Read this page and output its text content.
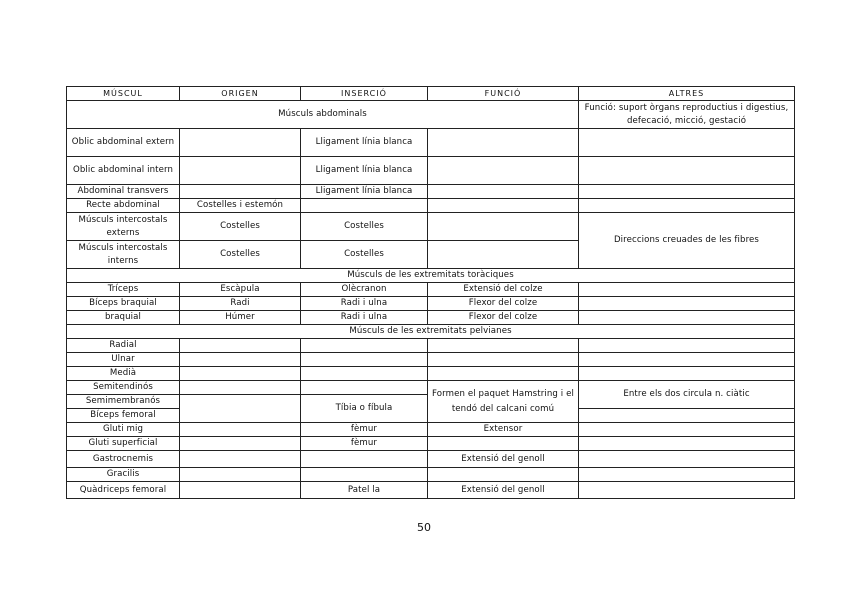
MÚSCUL	ORIGEN	INSERCIÓ	FUNCIÓ	ALTRES
Músculs abdominals				Funció: suport òrgans reproductius i digestius, defecació, micció, gestació
Oblic abdominal extern		Lligament línia blanca		
Oblic abdominal intern		Lligament línia blanca		
Abdominal transvers		Lligament línia blanca		
Recte abdominal	Costelles i estemón			
Músculs intercostals externs	Costelles	Costelles		Direccions creuades de les fibres
Músculs intercostals interns	Costelles	Costelles		
Músculs de les extremitats toràciques				
Tríceps	Escàpula	Olècranon	Extensió del colze	
Bíceps braquial	Radi	Radi i ulna	Flexor del colze	
braquial	Húmer	Radi i ulna	Flexor del colze	
Músculs de les extremitats pelvianes				
Radial				
Ulnar				
Medià				
Semitendinós			Formen el paquet Hamstring i el tendó del calcani comú	Entre els dos circula n. ciàtic
Semimembranós		Tíbia o fíbula		
Bíceps femoral				
Gluti mig		fèmur	Extensor	
Gluti superficial		fèmur		
Gastrocnemis			Extensió del genoll	
Gracilis				
Quàdriceps femoral		Patel la	Extensió del genoll	
50
